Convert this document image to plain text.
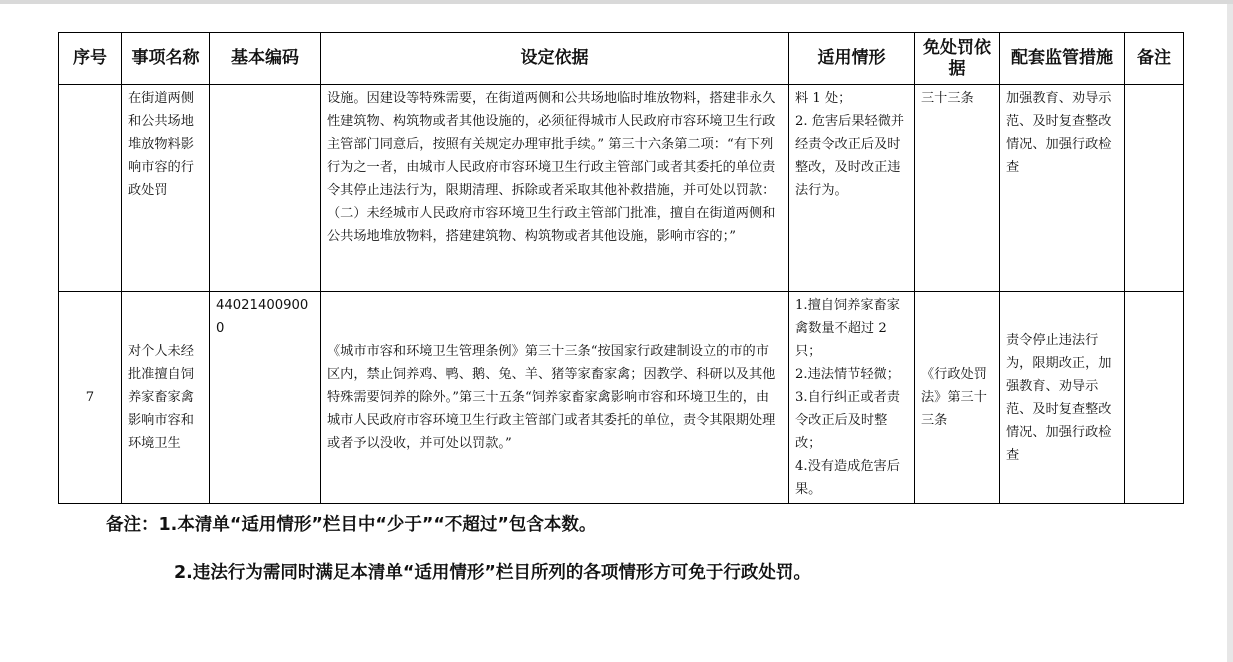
序号	事项名称	基本编码	设定依据	适用情形	免处罚依据	配套监管措施	备注
	在街道两侧和公共场地堆放物料影响市容的行政处罚		设施。因建设等特殊需要，在街道两侧和公共场地临时堆放物料，搭建非永久性建筑物、构筑物或者其他设施的，必须征得城市人民政府市容环境卫生行政主管部门同意后，按照有关规定办理审批手续。” 第三十六条第二项：“有下列行为之一者，由城市人民政府市容环境卫生行政主管部门或者其委托的单位责令其停止违法行为，限期清理、拆除或者采取其他补救措施，并可处以罚款：（二）未经城市人民政府市容环境卫生行政主管部门批准，擅自在街道两侧和公共场地堆放物料，搭建建筑物、构筑物或者其他设施，影响市容的；”	料 1 处；
2. 危害后果轻微并经责令改正后及时整改，及时改正违法行为。	三十三条	加强教育、劝导示范、及时复查整改情况、加强行政检查	
7	对个人未经批准擅自饲养家畜家禽影响市容和环境卫生	440214009000	《城市市容和环境卫生管理条例》第三十三条“按国家行政建制设立的市的市区内，禁止饲养鸡、鸭、鹅、兔、羊、猪等家畜家禽；因教学、科研以及其他特殊需要饲养的除外。”第三十五条“饲养家畜家禽影响市容和环境卫生的，由城市人民政府市容环境卫生行政主管部门或者其委托的单位，责令其限期处理或者予以没收，并可处以罚款。”	1.擅自饲养家畜家禽数量不超过 2 只；
2.违法情节轻微；
3.自行纠正或者责令改正后及时整改；
4.没有造成危害后果。	《行政处罚法》第三十三条	责令停止违法行为，限期改正，加强教育、劝导示范、及时复查整改情况、加强行政检查	
备注：1.本清单“适用情形”栏目中“少于”“不超过”包含本数。
2.违法行为需同时满足本清单“适用情形”栏目所列的各项情形方可免于行政处罚。
